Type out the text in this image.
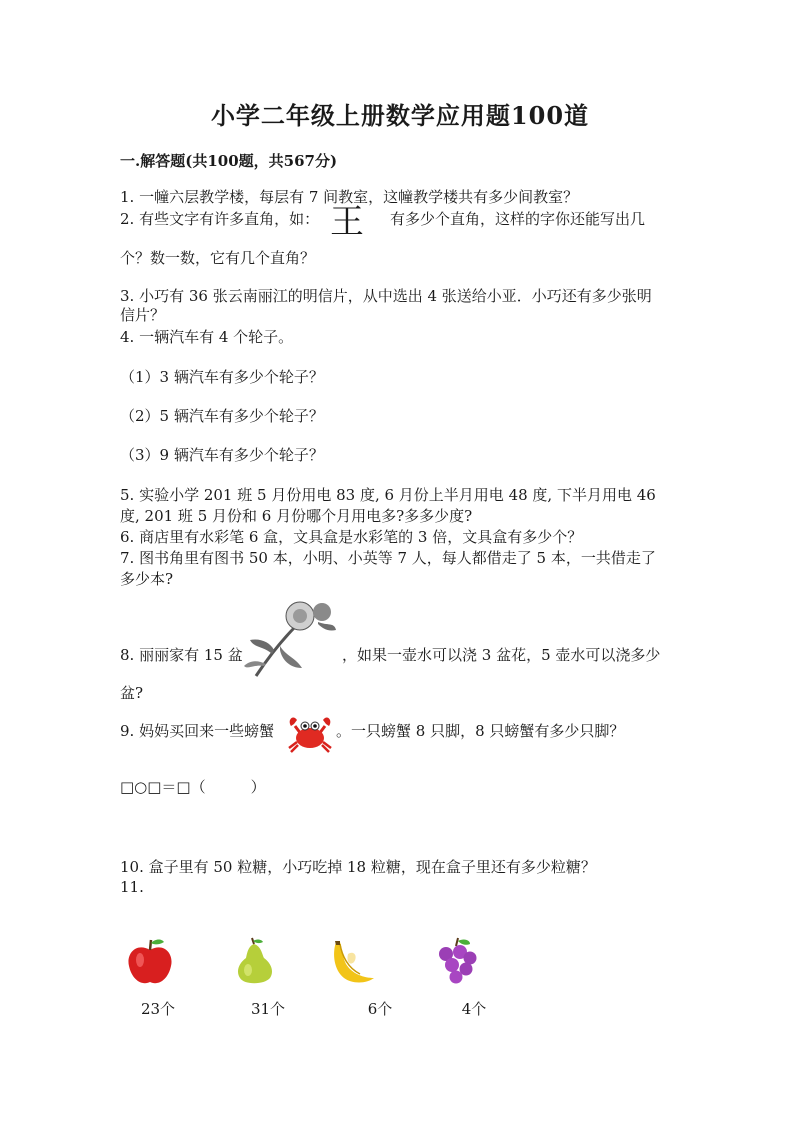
小学二年级上册数学应用题100道
一.解答题(共100题，共567分)
1. 一幢六层教学楼，每层有 7 间教室，这幢教学楼共有多少间教室？
2. 有些文字有许多直角，如： 王 有多少个直角，这样的字你还能写出几
个？数一数，它有几个直角？
3. 小巧有 36 张云南丽江的明信片，从中选出 4 张送给小亚．小巧还有多少张明
信片？
4. 一辆汽车有 4 个轮子。
（1）3 辆汽车有多少个轮子？
（2）5 辆汽车有多少个轮子？
（3）9 辆汽车有多少个轮子？
5. 实验小学 201 班 5 月份用电 83 度, 6 月份上半月用电 48 度, 下半月用电 46
度, 201 班 5 月份和 6 月份哪个月用电多?多多少度?
6. 商店里有水彩笔 6 盒，文具盒是水彩笔的 3 倍，文具盒有多少个？
7. 图书角里有图书 50 本，小明、小英等 7 人，每人都借走了 5 本，一共借走了
多少本?
8. 丽丽家有 15 盆	，如果一壶水可以浇 3 盆花，5 壶水可以浇多少
盆?
9. 妈妈买回来一些螃蟹	。一只螃蟹 8 只脚，8 只螃蟹有多少只脚？
□○□＝□（　　　）
10. 盒子里有 50 粒糖，小巧吃掉 18 粒糖，现在盒子里还有多少粒糖？
11.
23个	31个	6个	4个
